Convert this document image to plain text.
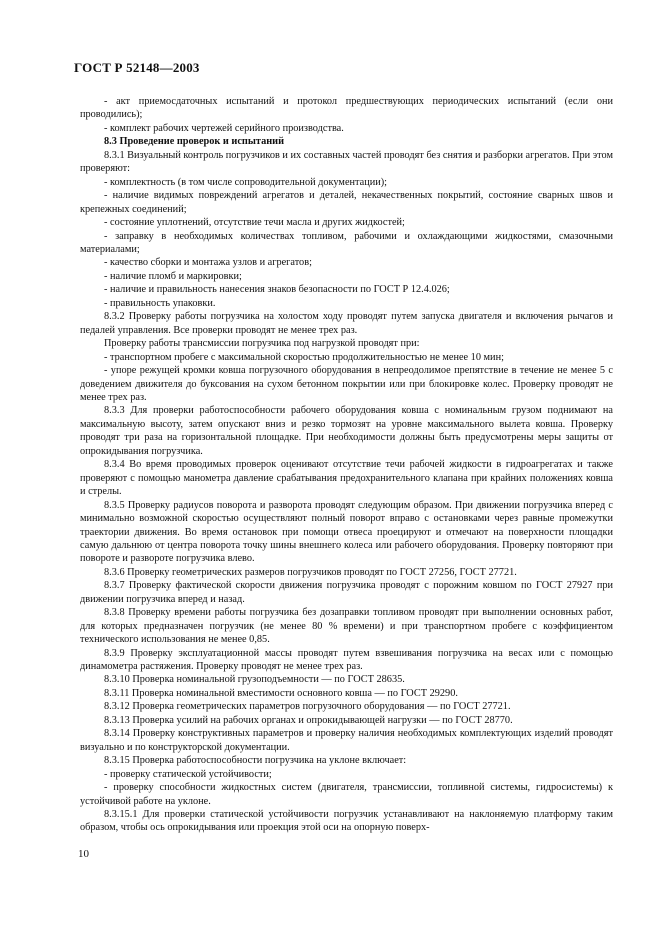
ГОСТ Р 52148—2003

- акт приемосдаточных испытаний и протокол предшествующих периодических испытаний (если они проводились);

- комплект рабочих чертежей серийного производства.

8.3 Проведение проверок и испытаний

8.3.1 Визуальный контроль погрузчиков и их составных частей проводят без снятия и разборки агрегатов. При этом проверяют:

- комплектность (в том числе сопроводительной документации);

- наличие видимых повреждений агрегатов и деталей, некачественных покрытий, состояние сварных швов и крепежных соединений;

- состояние уплотнений, отсутствие течи масла и других жидкостей;

- заправку в необходимых количествах топливом, рабочими и охлаждающими жидкостями, смазочными материалами;

- качество сборки и монтажа узлов и агрегатов;

- наличие пломб и маркировки;

- наличие и правильность нанесения знаков безопасности по ГОСТ Р 12.4.026;

- правильность упаковки.

8.3.2 Проверку работы погрузчика на холостом ходу проводят путем запуска двигателя и включения рычагов и педалей управления. Все проверки проводят не менее трех раз.

Проверку работы трансмиссии погрузчика под нагрузкой проводят при:

- транспортном пробеге с максимальной скоростью продолжительностью не менее 10 мин;

- упоре режущей кромки ковша погрузочного оборудования в непреодолимое препятствие в течение не менее 5 с доведением движителя до буксования на сухом бетонном покрытии или при блокировке колес. Проверку проводят не менее трех раз.

8.3.3 Для проверки работоспособности рабочего оборудования ковша с номинальным грузом поднимают на максимальную высоту, затем опускают вниз и резко тормозят на уровне максимального вылета ковша. Проверку проводят три раза на горизонтальной площадке. При необходимости должны быть предусмотрены меры защиты от опрокидывания погрузчика.

8.3.4 Во время проводимых проверок оценивают отсутствие течи рабочей жидкости в гидроагрегатах и также проверяют с помощью манометра давление срабатывания предохранительного клапана при крайних положениях ковша и стрелы.

8.3.5 Проверку радиусов поворота и разворота проводят следующим образом. При движении погрузчика вперед с минимально возможной скоростью осуществляют полный поворот вправо с остановками через равные промежутки траектории движения. Во время остановок при помощи отвеса проецируют и отмечают на поверхности площадки самую дальнюю от центра поворота точку шины внешнего колеса или рабочего оборудования. Проверку повторяют при повороте и развороте погрузчика влево.

8.3.6 Проверку геометрических размеров погрузчиков проводят по ГОСТ 27256, ГОСТ 27721.

8.3.7 Проверку фактической скорости движения погрузчика проводят с порожним ковшом по ГОСТ 27927 при движении погрузчика вперед и назад.

8.3.8 Проверку времени работы погрузчика без дозаправки топливом проводят при выполнении основных работ, для которых предназначен погрузчик (не менее 80 % времени) и при транспортном пробеге с коэффициентом технического использования не менее 0,85.

8.3.9 Проверку эксплуатационной массы проводят путем взвешивания погрузчика на весах или с помощью динамометра растяжения. Проверку проводят не менее трех раз.

8.3.10 Проверка номинальной грузоподъемности — по ГОСТ 28635.

8.3.11 Проверка номинальной вместимости основного ковша — по ГОСТ 29290.

8.3.12 Проверка геометрических параметров погрузочного оборудования — по ГОСТ 27721.

8.3.13 Проверка усилий на рабочих органах и опрокидывающей нагрузки — по ГОСТ 28770.

8.3.14 Проверку конструктивных параметров и проверку наличия необходимых комплектующих изделий проводят визуально и по конструкторской документации.

8.3.15 Проверка работоспособности погрузчика на уклоне включает:

- проверку статической устойчивости;

- проверку способности жидкостных систем (двигателя, трансмиссии, топливной системы, гидросистемы) к устойчивой работе на уклоне.

8.3.15.1 Для проверки статической устойчивости погрузчик устанавливают на наклоняемую платформу таким образом, чтобы ось опрокидывания или проекция этой оси на опорную поверх-

10
